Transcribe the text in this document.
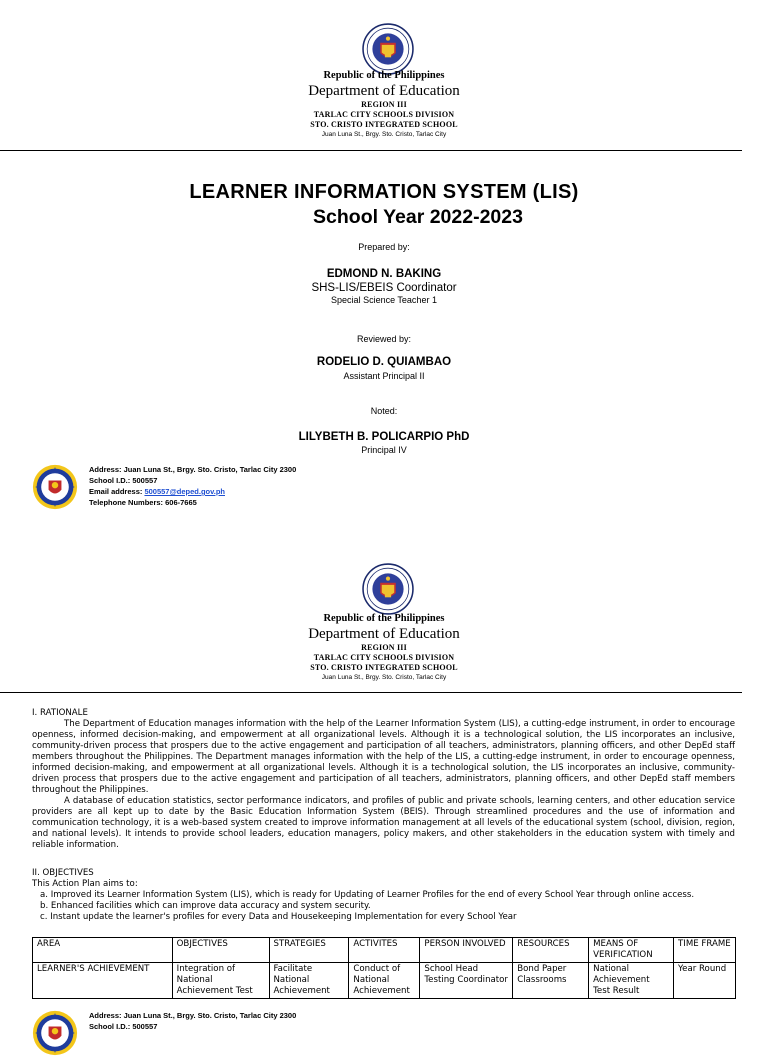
Republic of the Philippines
Department of Education
REGION III
TARLAC CITY SCHOOLS DIVISION
STO. CRISTO INTEGRATED SCHOOL
Juan Luna St., Brgy. Sto. Cristo, Tarlac City
LEARNER INFORMATION SYSTEM (LIS)
School Year 2022-2023
Prepared by:
EDMOND N. BAKING
SHS-LIS/EBEIS Coordinator
Special Science Teacher 1
Reviewed by:
RODELIO D. QUIAMBAO
Assistant Principal II
Noted:
LILYBETH B. POLICARPIO PhD
Principal IV
Address: Juan Luna St., Brgy. Sto. Cristo, Tarlac City 2300
School I.D.: 500557
Email address: 500557@deped.gov.ph
Telephone Numbers: 606-7665
Republic of the Philippines
Department of Education
REGION III
TARLAC CITY SCHOOLS DIVISION
STO. CRISTO INTEGRATED SCHOOL
Juan Luna St., Brgy. Sto. Cristo, Tarlac City

I. RATIONALE

The Department of Education manages information with the help of the Learner Information System (LIS), a cutting-edge instrument, in order to encourage openness, informed decision-making, and empowerment at all organizational levels. Although it is a technological solution, the LIS incorporates an inclusive, community-driven process that prospers due to the active engagement and participation of all teachers, administrators, planning officers, and other DepEd staff members throughout the Philippines. The Department manages information with the help of the LIS, a cutting-edge instrument, in order to encourage openness, informed decision-making, and empowerment at all organizational levels. Although it is a technological solution, the LIS incorporates an inclusive, community-driven process that prospers due to the active engagement and participation of all teachers, administrators, planning officers, and other DepEd staff members throughout the Philippines.

A database of education statistics, sector performance indicators, and profiles of public and private schools, learning centers, and other education service providers are all kept up to date by the Basic Education Information System (BEIS). Through streamlined procedures and the use of information and communication technology, it is a web-based system created to improve information management at all levels of the educational system (school, division, region, and national levels). It intends to provide school leaders, education managers, policy makers, and other stakeholders in the education system with timely and reliable information.

II. OBJECTIVES

This Action Plan aims to:

a. Improved its Learner Information System (LIS), which is ready for Updating of Learner Profiles for the end of every School Year through online access.

b. Enhanced facilities which can improve data accuracy and system security.

c. Instant update the learner's profiles for every Data and Housekeeping Implementation for every School Year

AREA	OBJECTIVES	STRATEGIES	ACTIVITES	PERSON INVOLVED	RESOURCES	MEANS OF VERIFICATION	TIME FRAME
LEARNER'S ACHIEVEMENT	Integration of National Achievement Test	Facilitate National Achievement	Conduct of National Achievement	School Head Testing Coordinator	Bond Paper Classrooms	National Achievement Test Result	Year Round
Address: Juan Luna St., Brgy. Sto. Cristo, Tarlac City 2300
School I.D.: 500557
